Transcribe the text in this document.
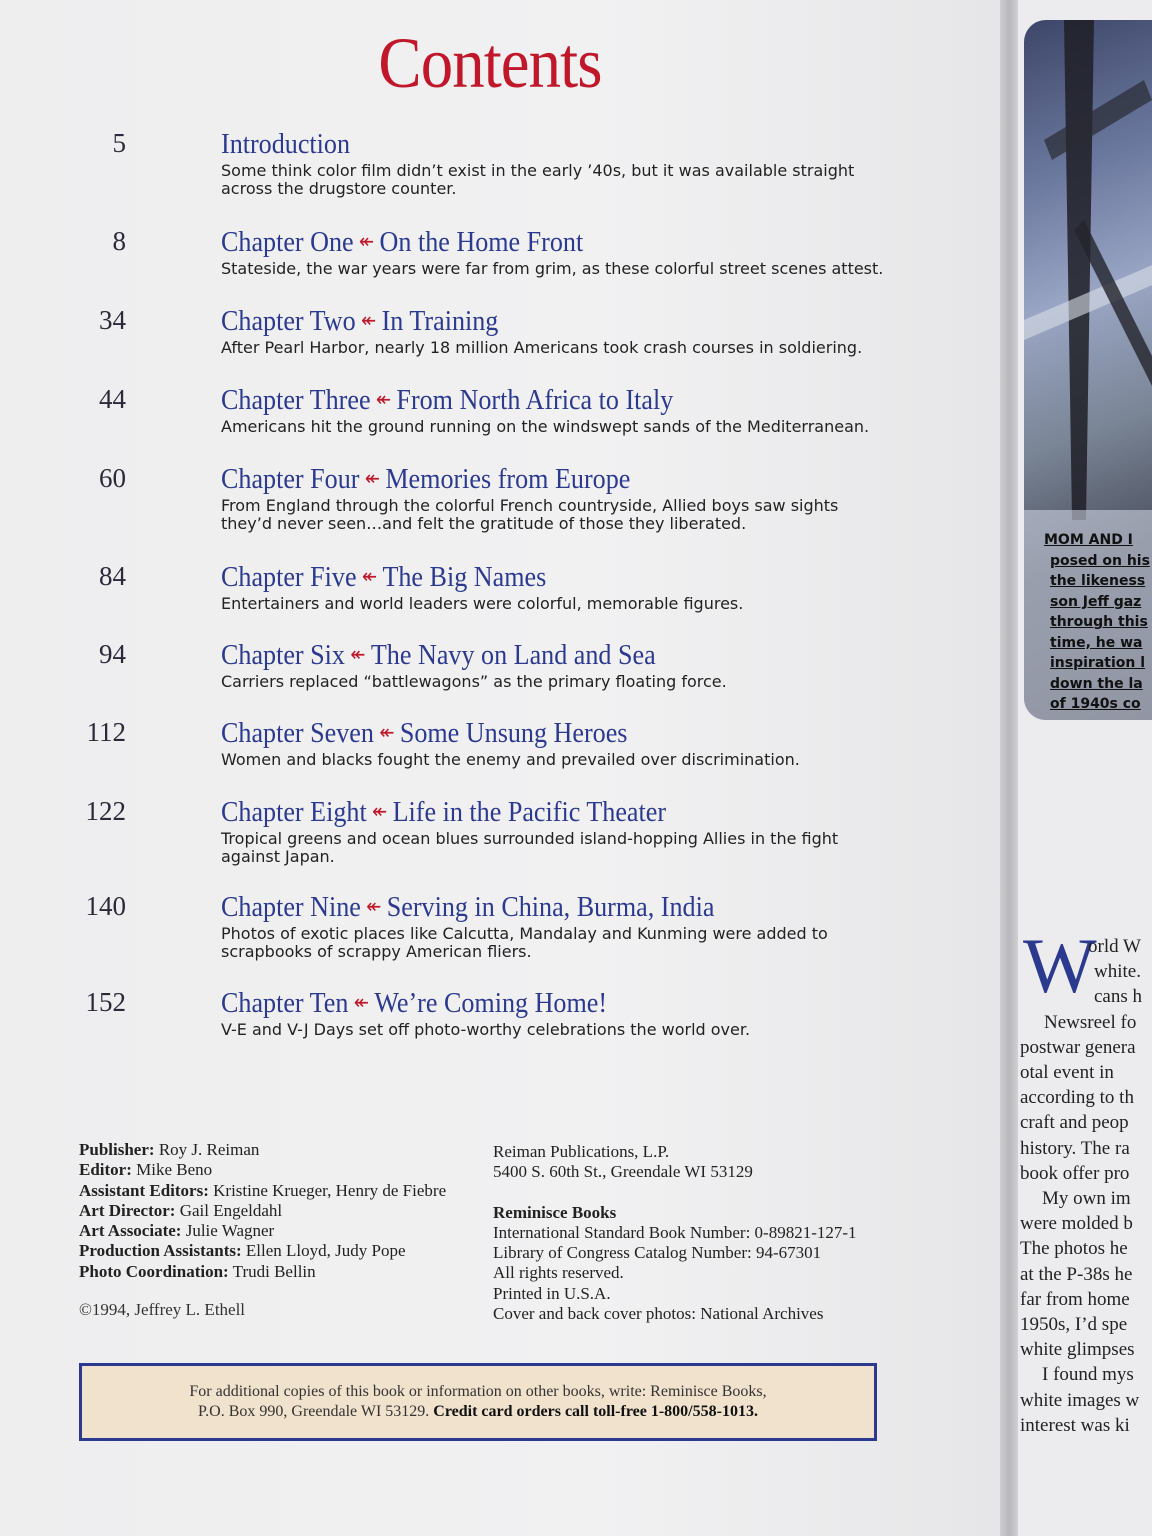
Contents
5	Introduction
Some think color film didn’t exist in the early ’40s, but it was available straight
across the drugstore counter.
8	Chapter One ↞ On the Home Front
Stateside, the war years were far from grim, as these colorful street scenes attest.
34	Chapter Two ↞ In Training
After Pearl Harbor, nearly 18 million Americans took crash courses in soldiering.
44	Chapter Three ↞ From North Africa to Italy
Americans hit the ground running on the windswept sands of the Mediterranean.
60	Chapter Four ↞ Memories from Europe
From England through the colorful French countryside, Allied boys saw sights
they’d never seen…and felt the gratitude of those they liberated.
84	Chapter Five ↞ The Big Names
Entertainers and world leaders were colorful, memorable figures.
94	Chapter Six ↞ The Navy on Land and Sea
Carriers replaced “battlewagons” as the primary floating force.
112	Chapter Seven ↞ Some Unsung Heroes
Women and blacks fought the enemy and prevailed over discrimination.
122	Chapter Eight ↞ Life in the Pacific Theater
Tropical greens and ocean blues surrounded island-hopping Allies in the fight
against Japan.
140	Chapter Nine ↞ Serving in China, Burma, India
Photos of exotic places like Calcutta, Mandalay and Kunming were added to
scrapbooks of scrappy American fliers.
152	Chapter Ten ↞ We’re Coming Home!
V-E and V-J Days set off photo-worthy celebrations the world over.
Publisher: Roy J. Reiman
Editor: Mike Beno
Assistant Editors: Kristine Krueger, Henry de Fiebre
Art Director: Gail Engeldahl
Art Associate: Julie Wagner
Production Assistants: Ellen Lloyd, Judy Pope
Photo Coordination: Trudi Bellin
©1994, Jeffrey L. Ethell
Reiman Publications, L.P.
5400 S. 60th St., Greendale WI 53129
Reminisce Books
International Standard Book Number: 0-89821-127-1
Library of Congress Catalog Number: 94-67301
All rights reserved.
Printed in U.S.A.
Cover and back cover photos: National Archives
For additional copies of this book or information on other books, write: Reminisce Books,
P.O. Box 990, Greendale WI 53129. Credit card orders call toll-free 1-800/558-1013.
MOM AND I
posed on his
the likeness
son Jeff gaz
through this
time, he wa
inspiration l
down the la
of 1940s co
W
orld W
white.
cans h
Newsreel fo
postwar genera
otal event in
according to th
craft and peop
history. The ra
book offer pro
My own im
were molded b
The photos he
at the P-38s he
far from home
1950s, I’d spe
white glimpses
I found mys
white images w
interest was ki
